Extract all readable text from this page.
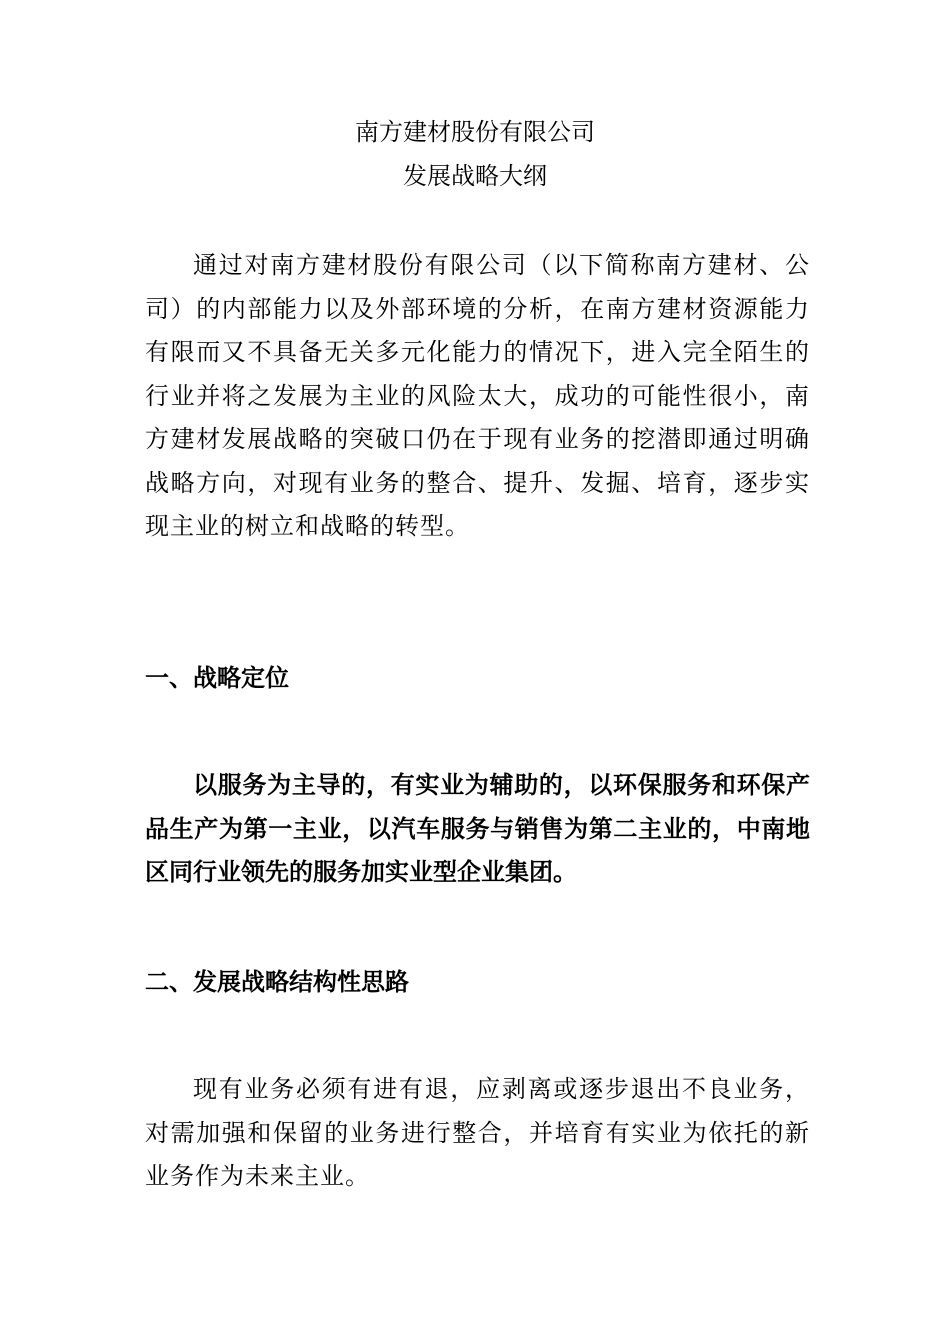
南方建材股份有限公司
发展战略大纲

通过对南方建材股份有限公司（以下简称南方建材、公司）的内部能力以及外部环境的分析，在南方建材资源能力有限而又不具备无关多元化能力的情况下，进入完全陌生的行业并将之发展为主业的风险太大，成功的可能性很小，南方建材发展战略的突破口仍在于现有业务的挖潜即通过明确战略方向，对现有业务的整合、提升、发掘、培育，逐步实现主业的树立和战略的转型。

一、战略定位

以服务为主导的，有实业为辅助的，以环保服务和环保产品生产为第一主业，以汽车服务与销售为第二主业的，中南地区同行业领先的服务加实业型企业集团。

二、发展战略结构性思路

现有业务必须有进有退，应剥离或逐步退出不良业务，对需加强和保留的业务进行整合，并培育有实业为依托的新业务作为未来主业。
